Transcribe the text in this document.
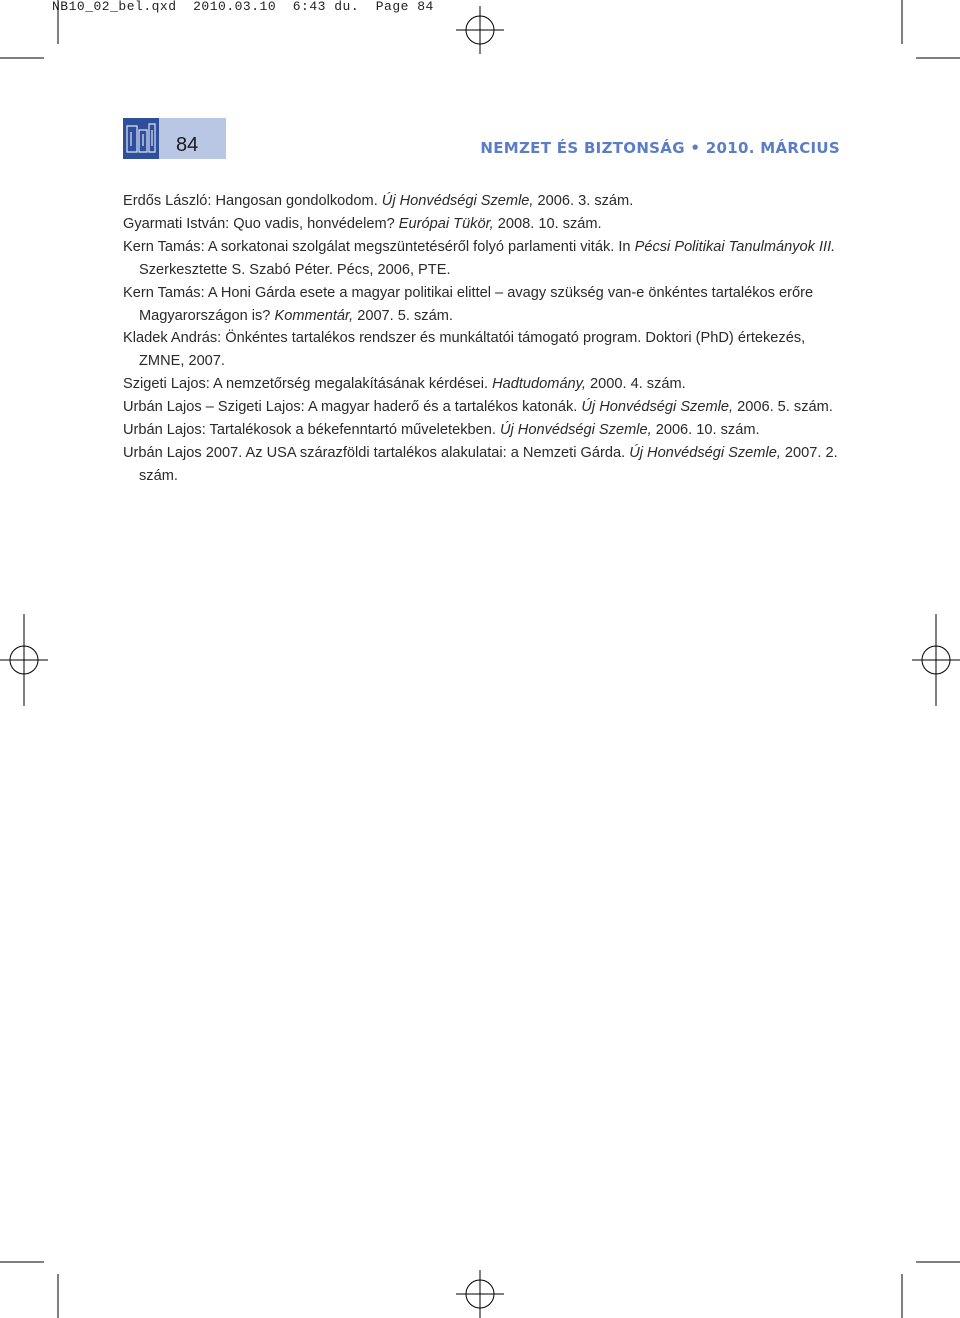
NB10_02_bel.qxd  2010.03.10  6:43 du.  Page 84
84	NEMZET ÉS BIZTONSÁG • 2010. MÁRCIUS

Erdős László: Hangosan gondolkodom. Új Honvédségi Szemle, 2006. 3. szám.

Gyarmati István: Quo vadis, honvédelem? Európai Tükör, 2008. 10. szám.

Kern Tamás: A sorkatonai szolgálat megszüntetéséről folyó parlamenti viták. In Pécsi Politikai Tanulmányok III. Szerkesztette S. Szabó Péter. Pécs, 2006, PTE.

Kern Tamás: A Honi Gárda esete a magyar politikai elittel – avagy szükség van-e önkéntes tartalékos erőre Magyarországon is? Kommentár, 2007. 5. szám.

Kladek András: Önkéntes tartalékos rendszer és munkáltatói támogató program. Doktori (PhD) értekezés, ZMNE, 2007.

Szigeti Lajos: A nemzetőrség megalakításának kérdései. Hadtudomány, 2000. 4. szám.

Urbán Lajos – Szigeti Lajos: A magyar haderő és a tartalékos katonák. Új Honvédségi Szemle, 2006. 5. szám.

Urbán Lajos: Tartalékosok a békefenntartó műveletekben. Új Honvédségi Szemle, 2006. 10. szám.

Urbán Lajos 2007. Az USA szárazföldi tartalékos alakulatai: a Nemzeti Gárda. Új Honvédségi Szemle, 2007. 2. szám.
